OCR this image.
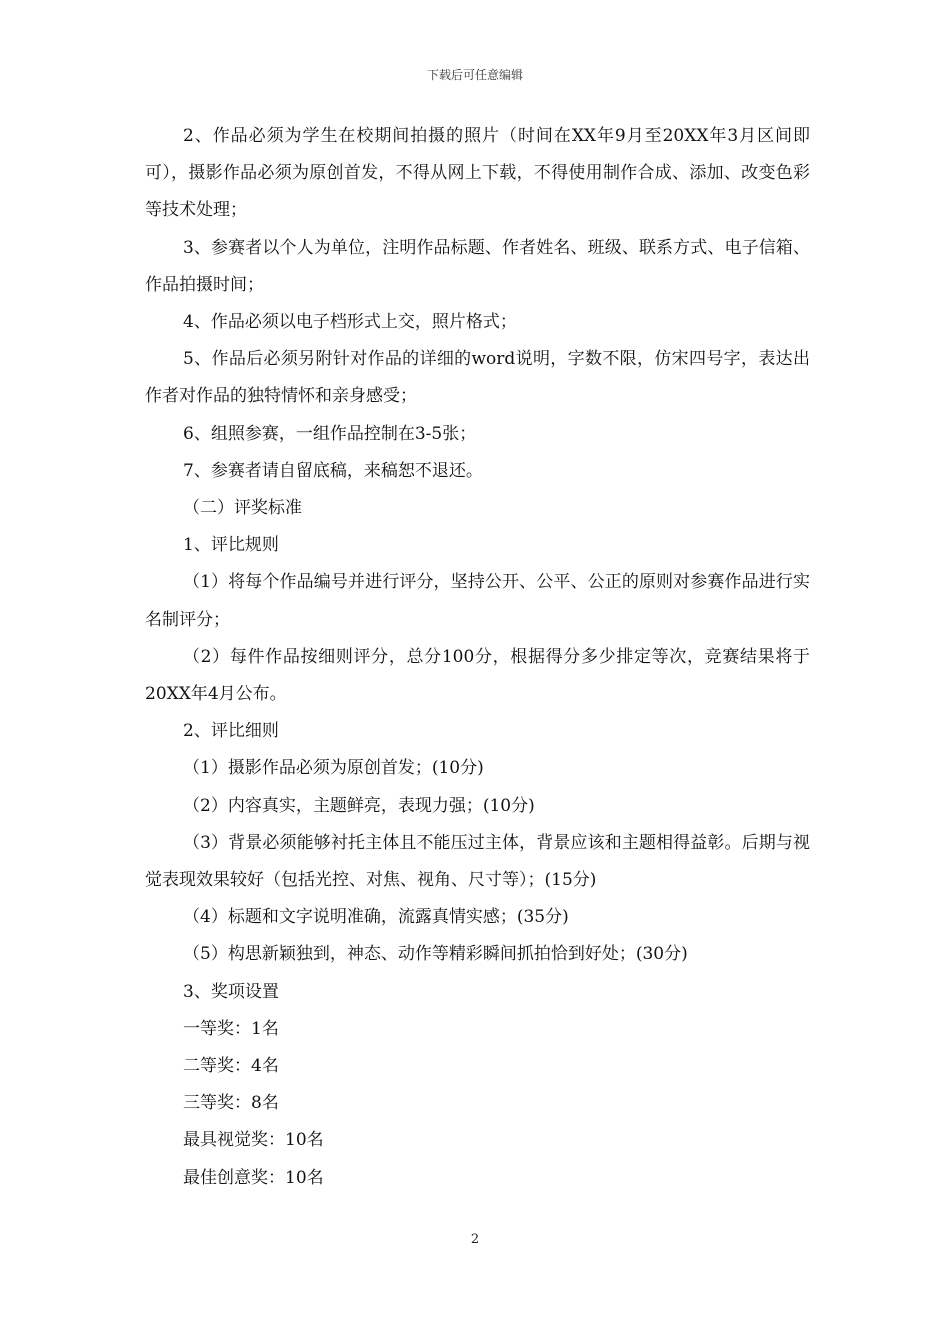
下载后可任意编辑

2、作品必须为学生在校期间拍摄的照片（时间在XX年9月至20XX年3月区间即可），摄影作品必须为原创首发，不得从网上下载，不得使用制作合成、添加、改变色彩等技术处理；

3、参赛者以个人为单位，注明作品标题、作者姓名、班级、联系方式、电子信箱、作品拍摄时间；

4、作品必须以电子档形式上交，照片格式；

5、作品后必须另附针对作品的详细的word说明，字数不限，仿宋四号字，表达出作者对作品的独特情怀和亲身感受；

6、组照参赛，一组作品控制在3-5张；

7、参赛者请自留底稿，来稿恕不退还。

（二）评奖标准

1、评比规则

（1）将每个作品编号并进行评分，坚持公开、公平、公正的原则对参赛作品进行实名制评分；

（2）每件作品按细则评分，总分100分，根据得分多少排定等次，竞赛结果将于20XX年4月公布。

2、评比细则

（1）摄影作品必须为原创首发；(10分)

（2）内容真实，主题鲜亮，表现力强；(10分)

（3）背景必须能够衬托主体且不能压过主体，背景应该和主题相得益彰。后期与视觉表现效果较好（包括光控、对焦、视角、尺寸等）；(15分)

（4）标题和文字说明准确，流露真情实感；(35分)

（5）构思新颖独到，神态、动作等精彩瞬间抓拍恰到好处；(30分)

3、奖项设置

一等奖：1名

二等奖：4名

三等奖：8名

最具视觉奖：10名

最佳创意奖：10名

2
